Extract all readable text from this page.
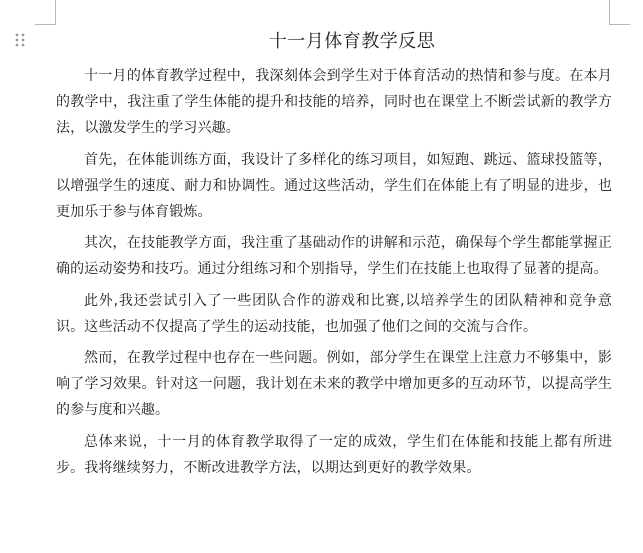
十一月体育教学反思

十一月的体育教学过程中，我深刻体会到学生对于体育活动的热情和参与度。在本月的教学中，我注重了学生体能的提升和技能的培养，同时也在课堂上不断尝试新的教学方法，以激发学生的学习兴趣。

首先，在体能训练方面，我设计了多样化的练习项目，如短跑、跳远、篮球投篮等，以增强学生的速度、耐力和协调性。通过这些活动，学生们在体能上有了明显的进步，也更加乐于参与体育锻炼。

其次，在技能教学方面，我注重了基础动作的讲解和示范，确保每个学生都能掌握正确的运动姿势和技巧。通过分组练习和个别指导，学生们在技能上也取得了显著的提高。

此外,我还尝试引入了一些团队合作的游戏和比赛,以培养学生的团队精神和竞争意识。这些活动不仅提高了学生的运动技能，也加强了他们之间的交流与合作。

然而，在教学过程中也存在一些问题。例如，部分学生在课堂上注意力不够集中，影响了学习效果。针对这一问题，我计划在未来的教学中增加更多的互动环节，以提高学生的参与度和兴趣。

总体来说，十一月的体育教学取得了一定的成效，学生们在体能和技能上都有所进步。我将继续努力，不断改进教学方法，以期达到更好的教学效果。
